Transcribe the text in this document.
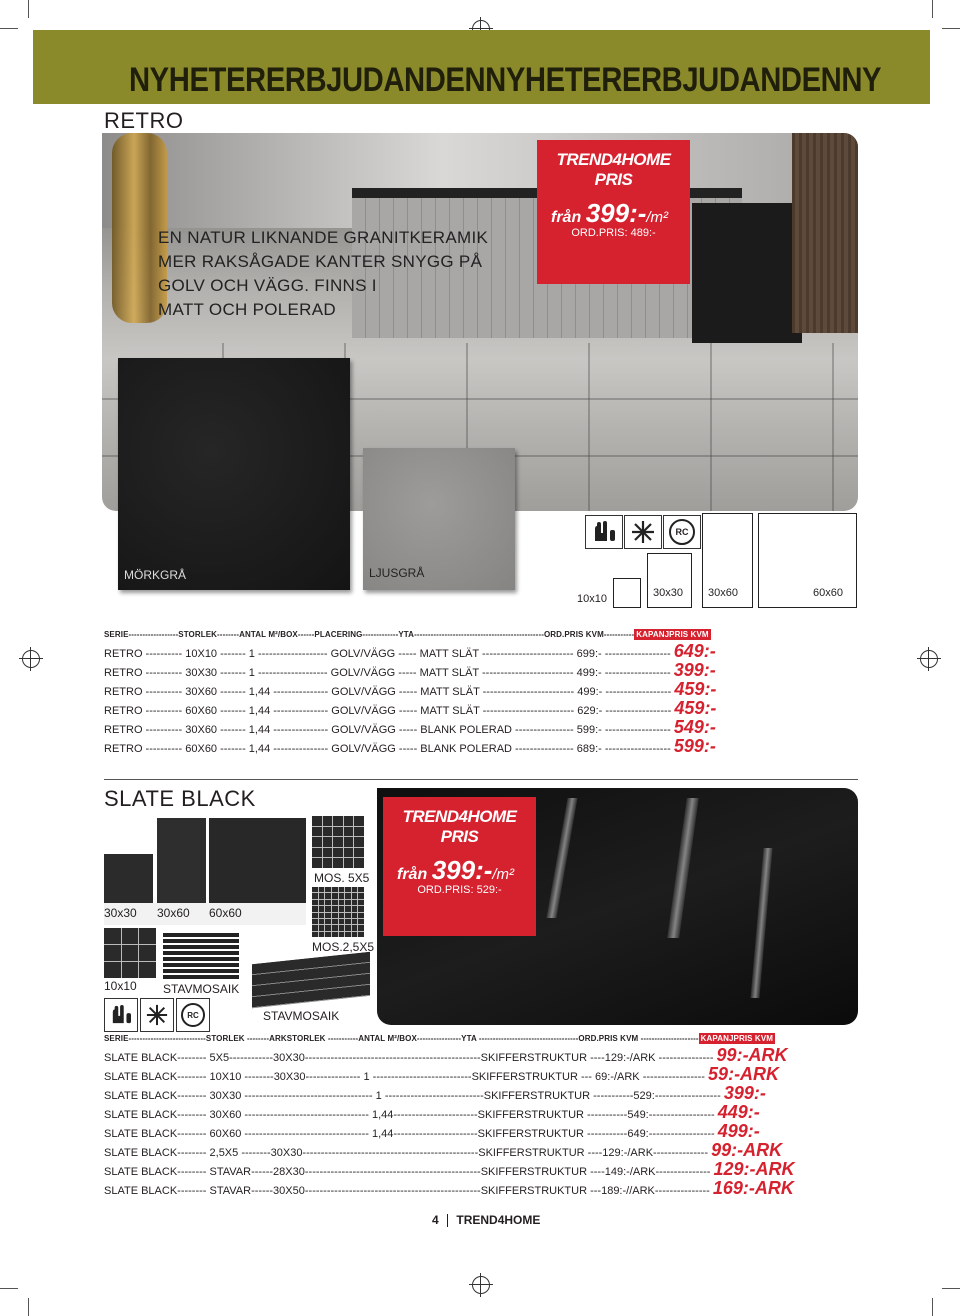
NYHETERERBJUDANDENNYHETERERBJUDANDENNY
RETRO
EN NATUR LIKNANDE GRANITKERAMIK
MER RAKSÅGADE KANTER SNYGG PÅ
GOLV OCH VÄGG. FINNS I
MATT OCH POLERAD
TREND4HOME
PRIS
från 399:-/m²
ORD.PRIS: 489:-
MÖRKGRÅ	LJUSGRÅ
RC
10x10	30x30 30x60	60x60
SERIE------------------STORLEK--------ANTAL M²/BOX------PLACERING-------------YTA-----------------------------------------------ORD.PRIS KVM----------- KAPANJPRIS KVM
RETRO ---------- 10X10 ------- 1 ------------------- GOLV/VÄGG ----- MATT SLÄT ------------------------- 699:- ------------------ 649:-
RETRO ---------- 30X30 ------- 1 ------------------- GOLV/VÄGG ----- MATT SLÄT ------------------------- 499:- ------------------ 399:-
RETRO ---------- 30X60 ------- 1,44 --------------- GOLV/VÄGG ----- MATT SLÄT ------------------------- 499:- ------------------ 459:-
RETRO ---------- 60X60 ------- 1,44 --------------- GOLV/VÄGG ----- MATT SLÄT ------------------------- 629:- ------------------ 459:-
RETRO ---------- 30X60 ------- 1,44 --------------- GOLV/VÄGG ----- BLANK POLERAD ---------------- 599:- ------------------ 549:-
RETRO ---------- 60X60 ------- 1,44 --------------- GOLV/VÄGG ----- BLANK POLERAD ---------------- 689:- ------------------ 599:-
SLATE BLACK
TREND4HOME
PRIS
från 399:-/m²
ORD.PRIS: 529:-
30x30 30x60 60x60
MOS. 5X5
MOS.2,5X5
10x10 STAVMOSAIK
STAVMOSAIK
RC
SERIE----------------------------STORLEK --------ARKSTORLEK -----------ANTAL M²/BOX----------------YTA ------------------------------------ORD.PRIS KVM --------------------- KAPANJPRIS KVM
SLATE BLACK-------- 5X5------------30X30------------------------------------------------SKIFFERSTRUKTUR ----129:-/ARK --------------- 99:-ARK
SLATE BLACK-------- 10X10 --------30X30--------------- 1 ---------------------------SKIFFERSTRUKTUR --- 69:-/ARK ----------------- 59:-ARK
SLATE BLACK-------- 30X30 ----------------------------------- 1 ---------------------------SKIFFERSTRUKTUR -----------529:------------------ 399:-
SLATE BLACK-------- 30X60 ---------------------------------- 1,44-----------------------SKIFFERSTRUKTUR -----------549:------------------ 449:-
SLATE BLACK-------- 60X60 ---------------------------------- 1,44-----------------------SKIFFERSTRUKTUR -----------649:------------------ 499:-
SLATE BLACK-------- 2,5X5 --------30X30------------------------------------------------SKIFFERSTRUKTUR ----129:-/ARK--------------- 99:-ARK
SLATE BLACK-------- STAVAR------28X30------------------------------------------------SKIFFERSTRUKTUR ----149:-/ARK--------------- 129:-ARK
SLATE BLACK-------- STAVAR------30X50------------------------------------------------SKIFFERSTRUKTUR ---189:-//ARK--------------- 169:-ARK
4 TREND4HOME
